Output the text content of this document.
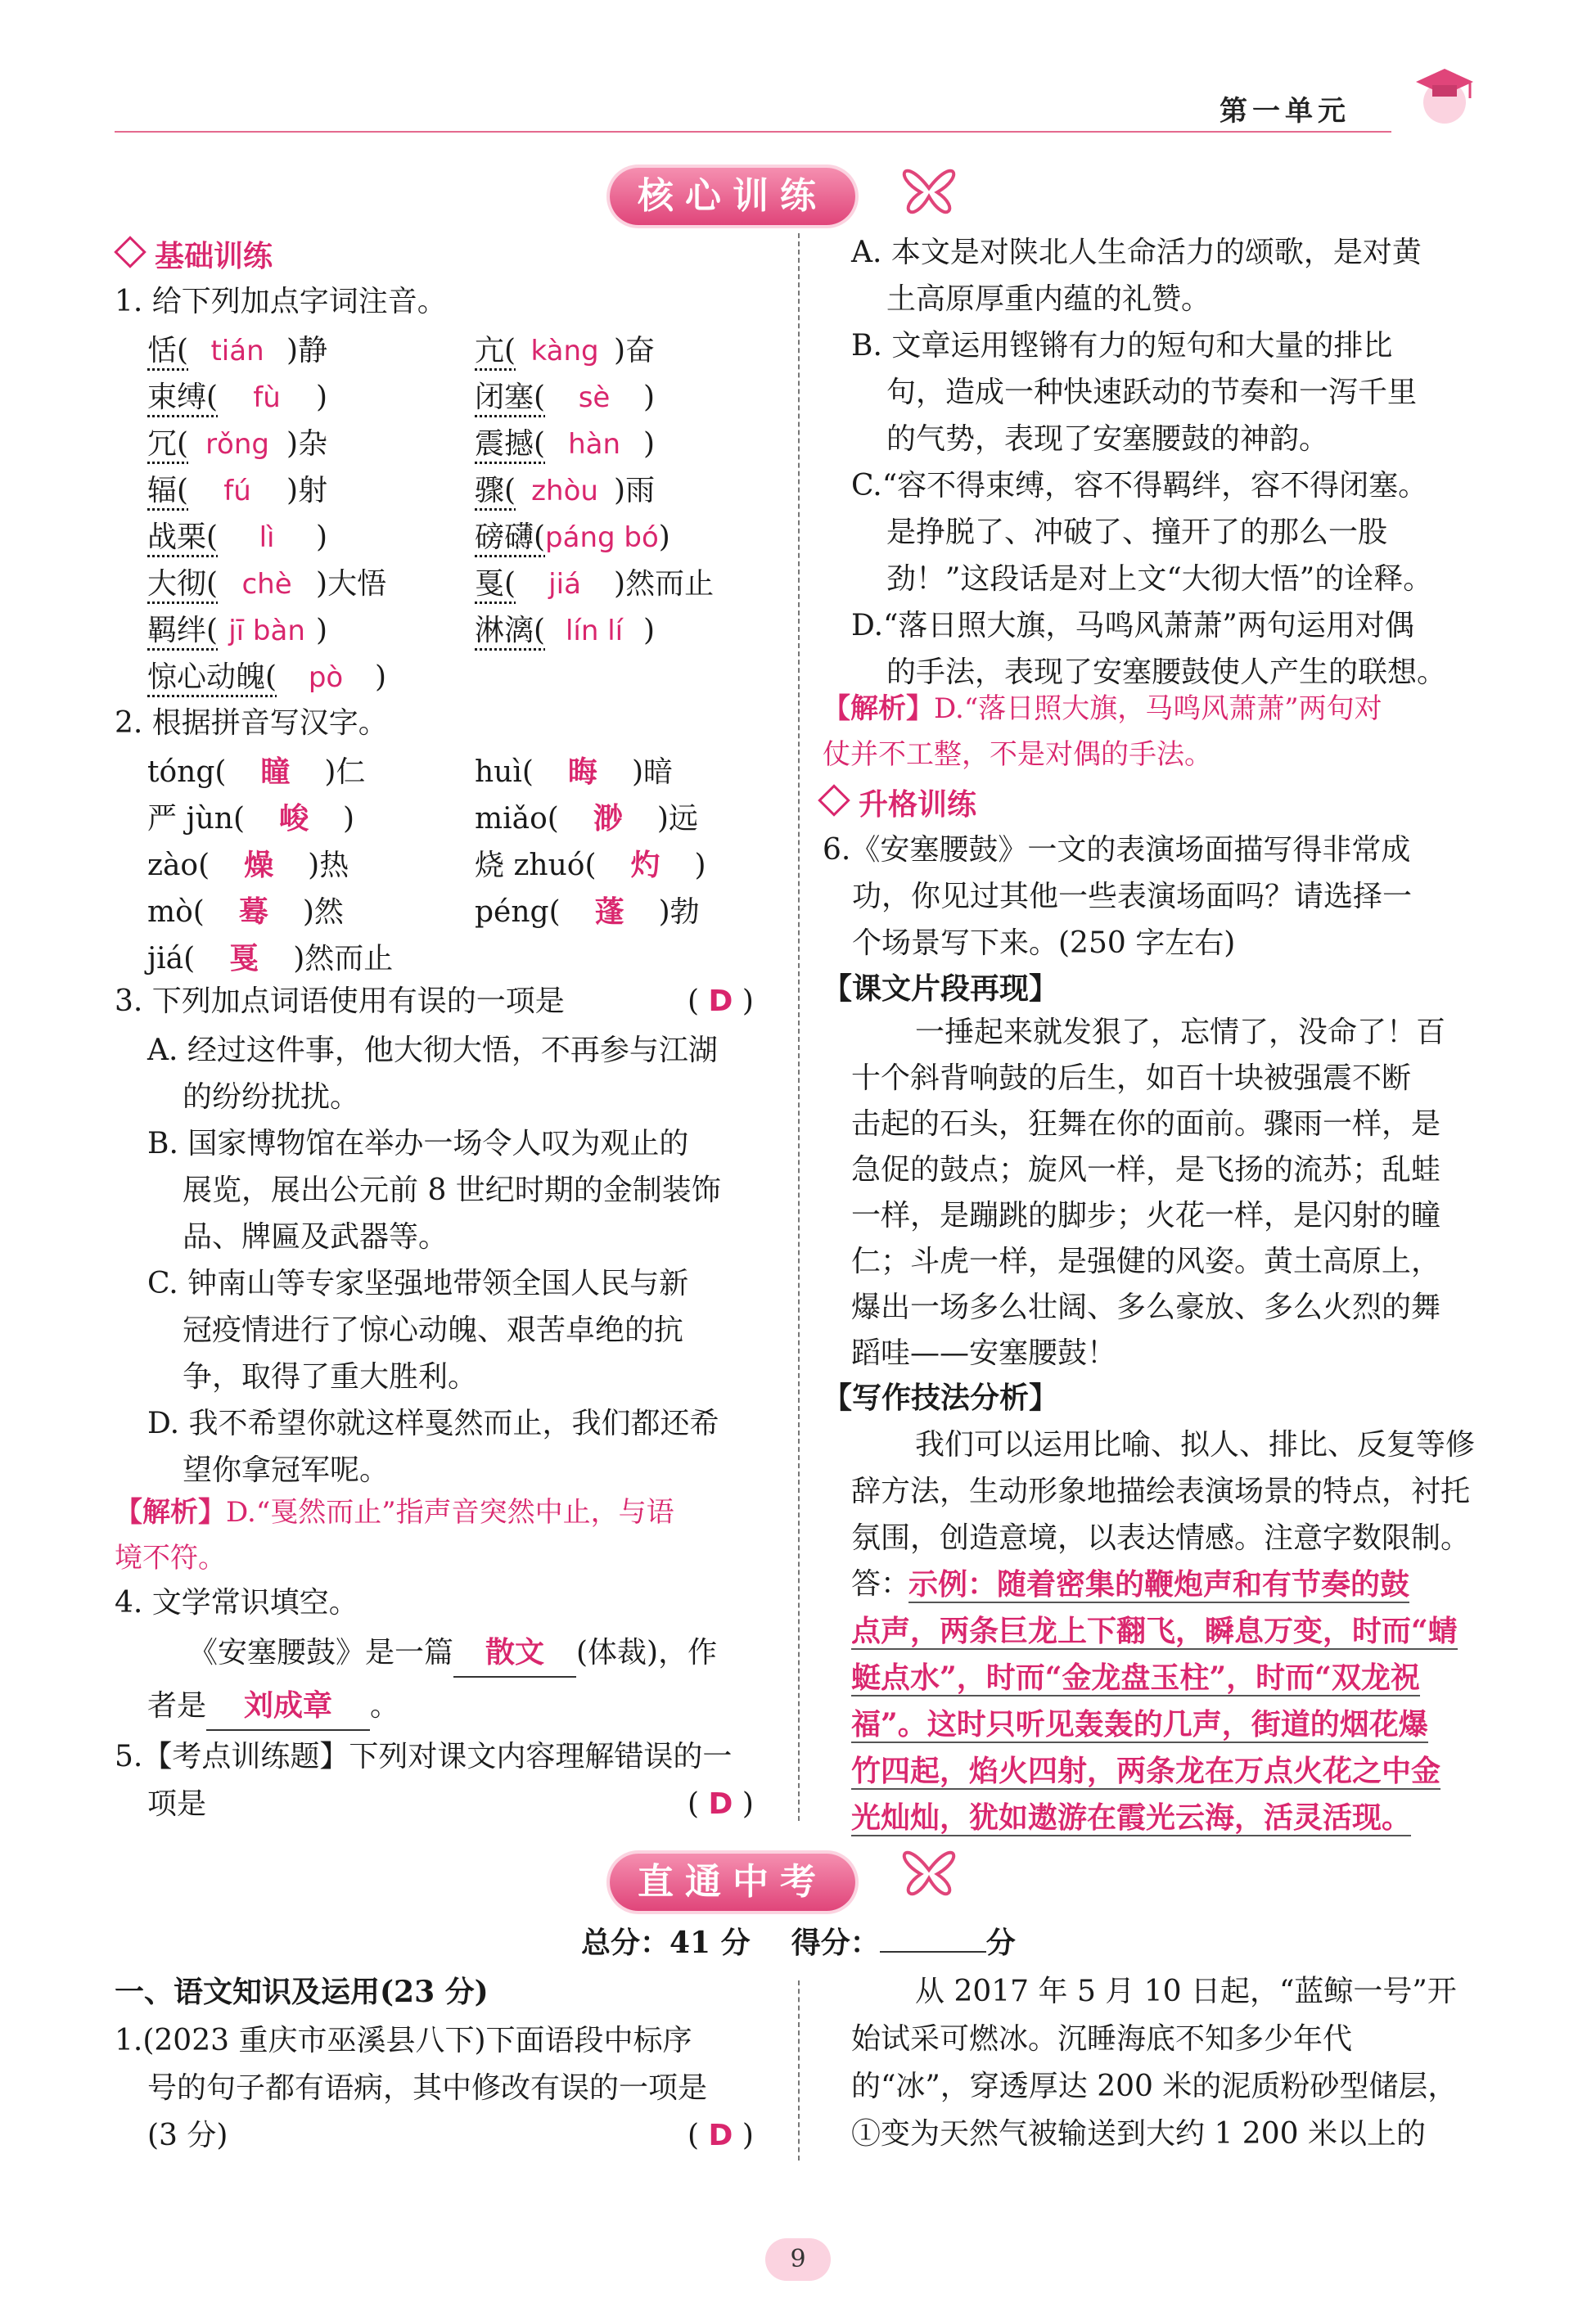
第一单元
核心训练
基础训练
1. 给下列加点字词注音。
恬( tián )静	亢( kàng )奋
束缚( fù )	闭塞( sè )
冗( rǒng )杂	震撼( hàn )
辐( fú )射	骤( zhòu )雨
战栗( lì )	磅礴(páng bó)
大彻( chè )大悟	戛( jiá )然而止
羁绊( jī bàn )	淋漓( lín lí )
惊心动魄( pò )
2. 根据拼音写汉字。
tóng( 瞳 )仁	huì( 晦 )暗
严 jùn( 峻 )	miǎo( 渺 )远
zào( 燥 )热	烧 zhuó( 灼 )
mò( 蓦 )然	péng( 蓬 )勃
jiá( 戛 )然而止
3. 下列加点词语使用有误的一项是	( D )
A. 经过这件事，他大彻大悟，不再参与江湖
的纷纷扰扰。
B. 国家博物馆在举办一场令人叹为观止的
展览，展出公元前 8 世纪时期的金制装饰
品、牌匾及武器等。
C. 钟南山等专家坚强地带领全国人民与新
冠疫情进行了惊心动魄、艰苦卓绝的抗
争，取得了重大胜利。
D. 我不希望你就这样戛然而止，我们都还希
望你拿冠军呢。
【解析】D.“戛然而止”指声音突然中止，与语
境不符。
4. 文学常识填空。
《安塞腰鼓》是一篇 散文 (体裁)，作
者是 刘成章 。
5.【考点训练题】下列对课文内容理解错误的一
项是	( D )
A. 本文是对陕北人生命活力的颂歌，是对黄
土高原厚重内蕴的礼赞。
B. 文章运用铿锵有力的短句和大量的排比
句，造成一种快速跃动的节奏和一泻千里
的气势，表现了安塞腰鼓的神韵。
C.“容不得束缚，容不得羁绊，容不得闭塞。
是挣脱了、冲破了、撞开了的那么一股
劲！”这段话是对上文“大彻大悟”的诠释。
D.“落日照大旗，马鸣风萧萧”两句运用对偶
的手法，表现了安塞腰鼓使人产生的联想。
【解析】D.“落日照大旗，马鸣风萧萧”两句对
仗并不工整，不是对偶的手法。
升格训练
6.《安塞腰鼓》一文的表演场面描写得非常成
功，你见过其他一些表演场面吗？请选择一
个场景写下来。(250 字左右)
【课文片段再现】
一捶起来就发狠了，忘情了，没命了！百
十个斜背响鼓的后生，如百十块被强震不断
击起的石头，狂舞在你的面前。骤雨一样，是
急促的鼓点；旋风一样，是飞扬的流苏；乱蛙
一样，是蹦跳的脚步；火花一样，是闪射的瞳
仁；斗虎一样，是强健的风姿。黄土高原上，
爆出一场多么壮阔、多么豪放、多么火烈的舞
蹈哇——安塞腰鼓！
【写作技法分析】
我们可以运用比喻、拟人、排比、反复等修
辞方法，生动形象地描绘表演场景的特点，衬托
氛围，创造意境，以表达情感。注意字数限制。
答：
示例：随着密集的鞭炮声和有节奏的鼓
点声，两条巨龙上下翻飞，瞬息万变，时而“蜻
蜓点水”，时而“金龙盘玉柱”，时而“双龙祝
福”。这时只听见轰轰的几声，街道的烟花爆
竹四起，焰火四射，两条龙在万点火花之中金
光灿灿，犹如遨游在霞光云海，活灵活现。
直通中考
总分：41 分    得分：	分
一、语文知识及运用(23 分)
1.(2023 重庆市巫溪县八下)下面语段中标序
号的句子都有语病，其中修改有误的一项是
(3 分)	( D )
从 2017 年 5 月 10 日起，“蓝鲸一号”开
始试采可燃冰。沉睡海底不知多少年代
的“冰”，穿透厚达 200 米的泥质粉砂型储层，
①变为天然气被输送到大约 1 200 米以上的
9
